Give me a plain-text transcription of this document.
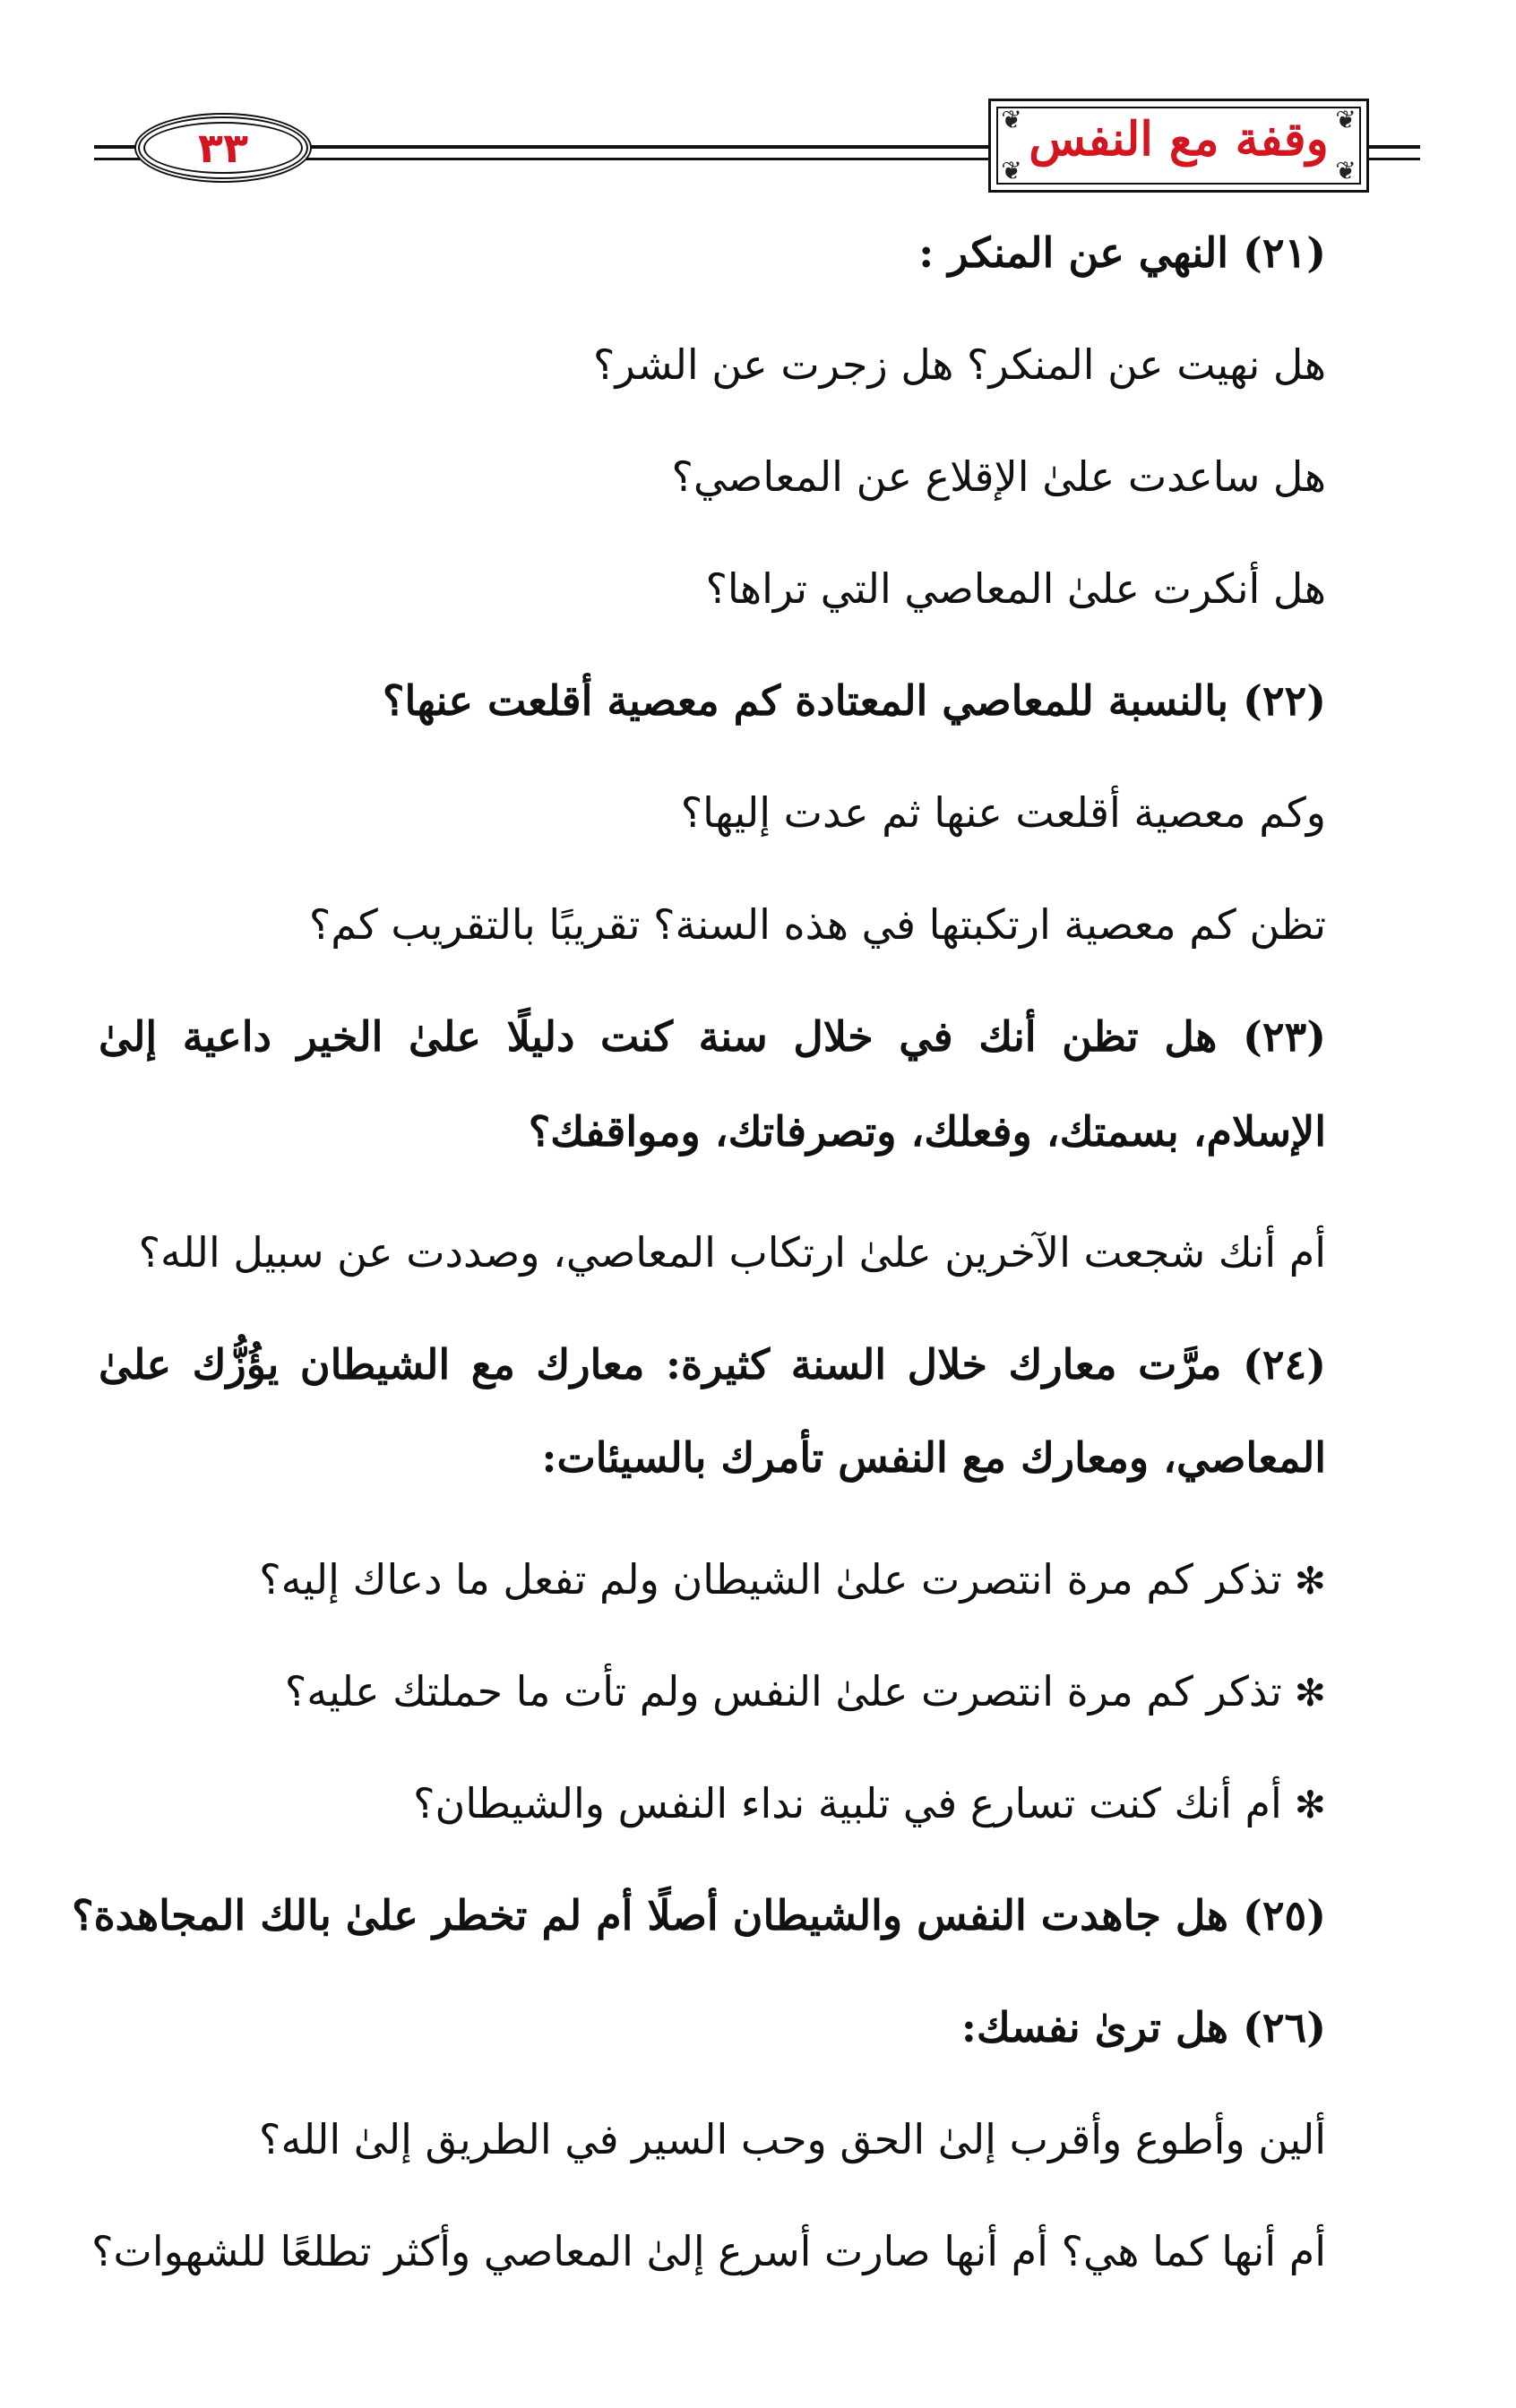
٣٣
❦	❦
❦	❦
وقفة مع النفس
(٢١) النهي عن المنكر :
هل نهيت عن المنكر؟ هل زجرت عن الشر؟
هل ساعدت علىٰ الإقلاع عن المعاصي؟
هل أنكرت علىٰ المعاصي التي تراها؟
(٢٢) بالنسبة للمعاصي المعتادة كم معصية أقلعت عنها؟
وكم معصية أقلعت عنها ثم عدت إليها؟
تظن كم معصية ارتكبتها في هذه السنة؟ تقريبًا بالتقريب كم؟
(٢٣) هل تظن أنك في خلال سنة كنت دليلًا علىٰ الخير داعية إلىٰ
الإسلام، بسمتك، وفعلك، وتصرفاتك، ومواقفك؟
أم أنك شجعت الآخرين علىٰ ارتكاب المعاصي، وصددت عن سبيل الله؟
(٢٤) مرَّت معارك خلال السنة كثيرة: معارك مع الشيطان يؤُزُّك علىٰ
المعاصي، ومعارك مع النفس تأمرك بالسيئات:
✻تذكر كم مرة انتصرت علىٰ الشيطان ولم تفعل ما دعاك إليه؟
✻تذكر كم مرة انتصرت علىٰ النفس ولم تأت ما حملتك عليه؟
✻أم أنك كنت تسارع في تلبية نداء النفس والشيطان؟
(٢٥) هل جاهدت النفس والشيطان أصلًا أم لم تخطر علىٰ بالك المجاهدة؟
(٢٦) هل ترىٰ نفسك:
ألين وأطوع وأقرب إلىٰ الحق وحب السير في الطريق إلىٰ الله؟
أم أنها كما هي؟ أم أنها صارت أسرع إلىٰ المعاصي وأكثر تطلعًا للشهوات؟
